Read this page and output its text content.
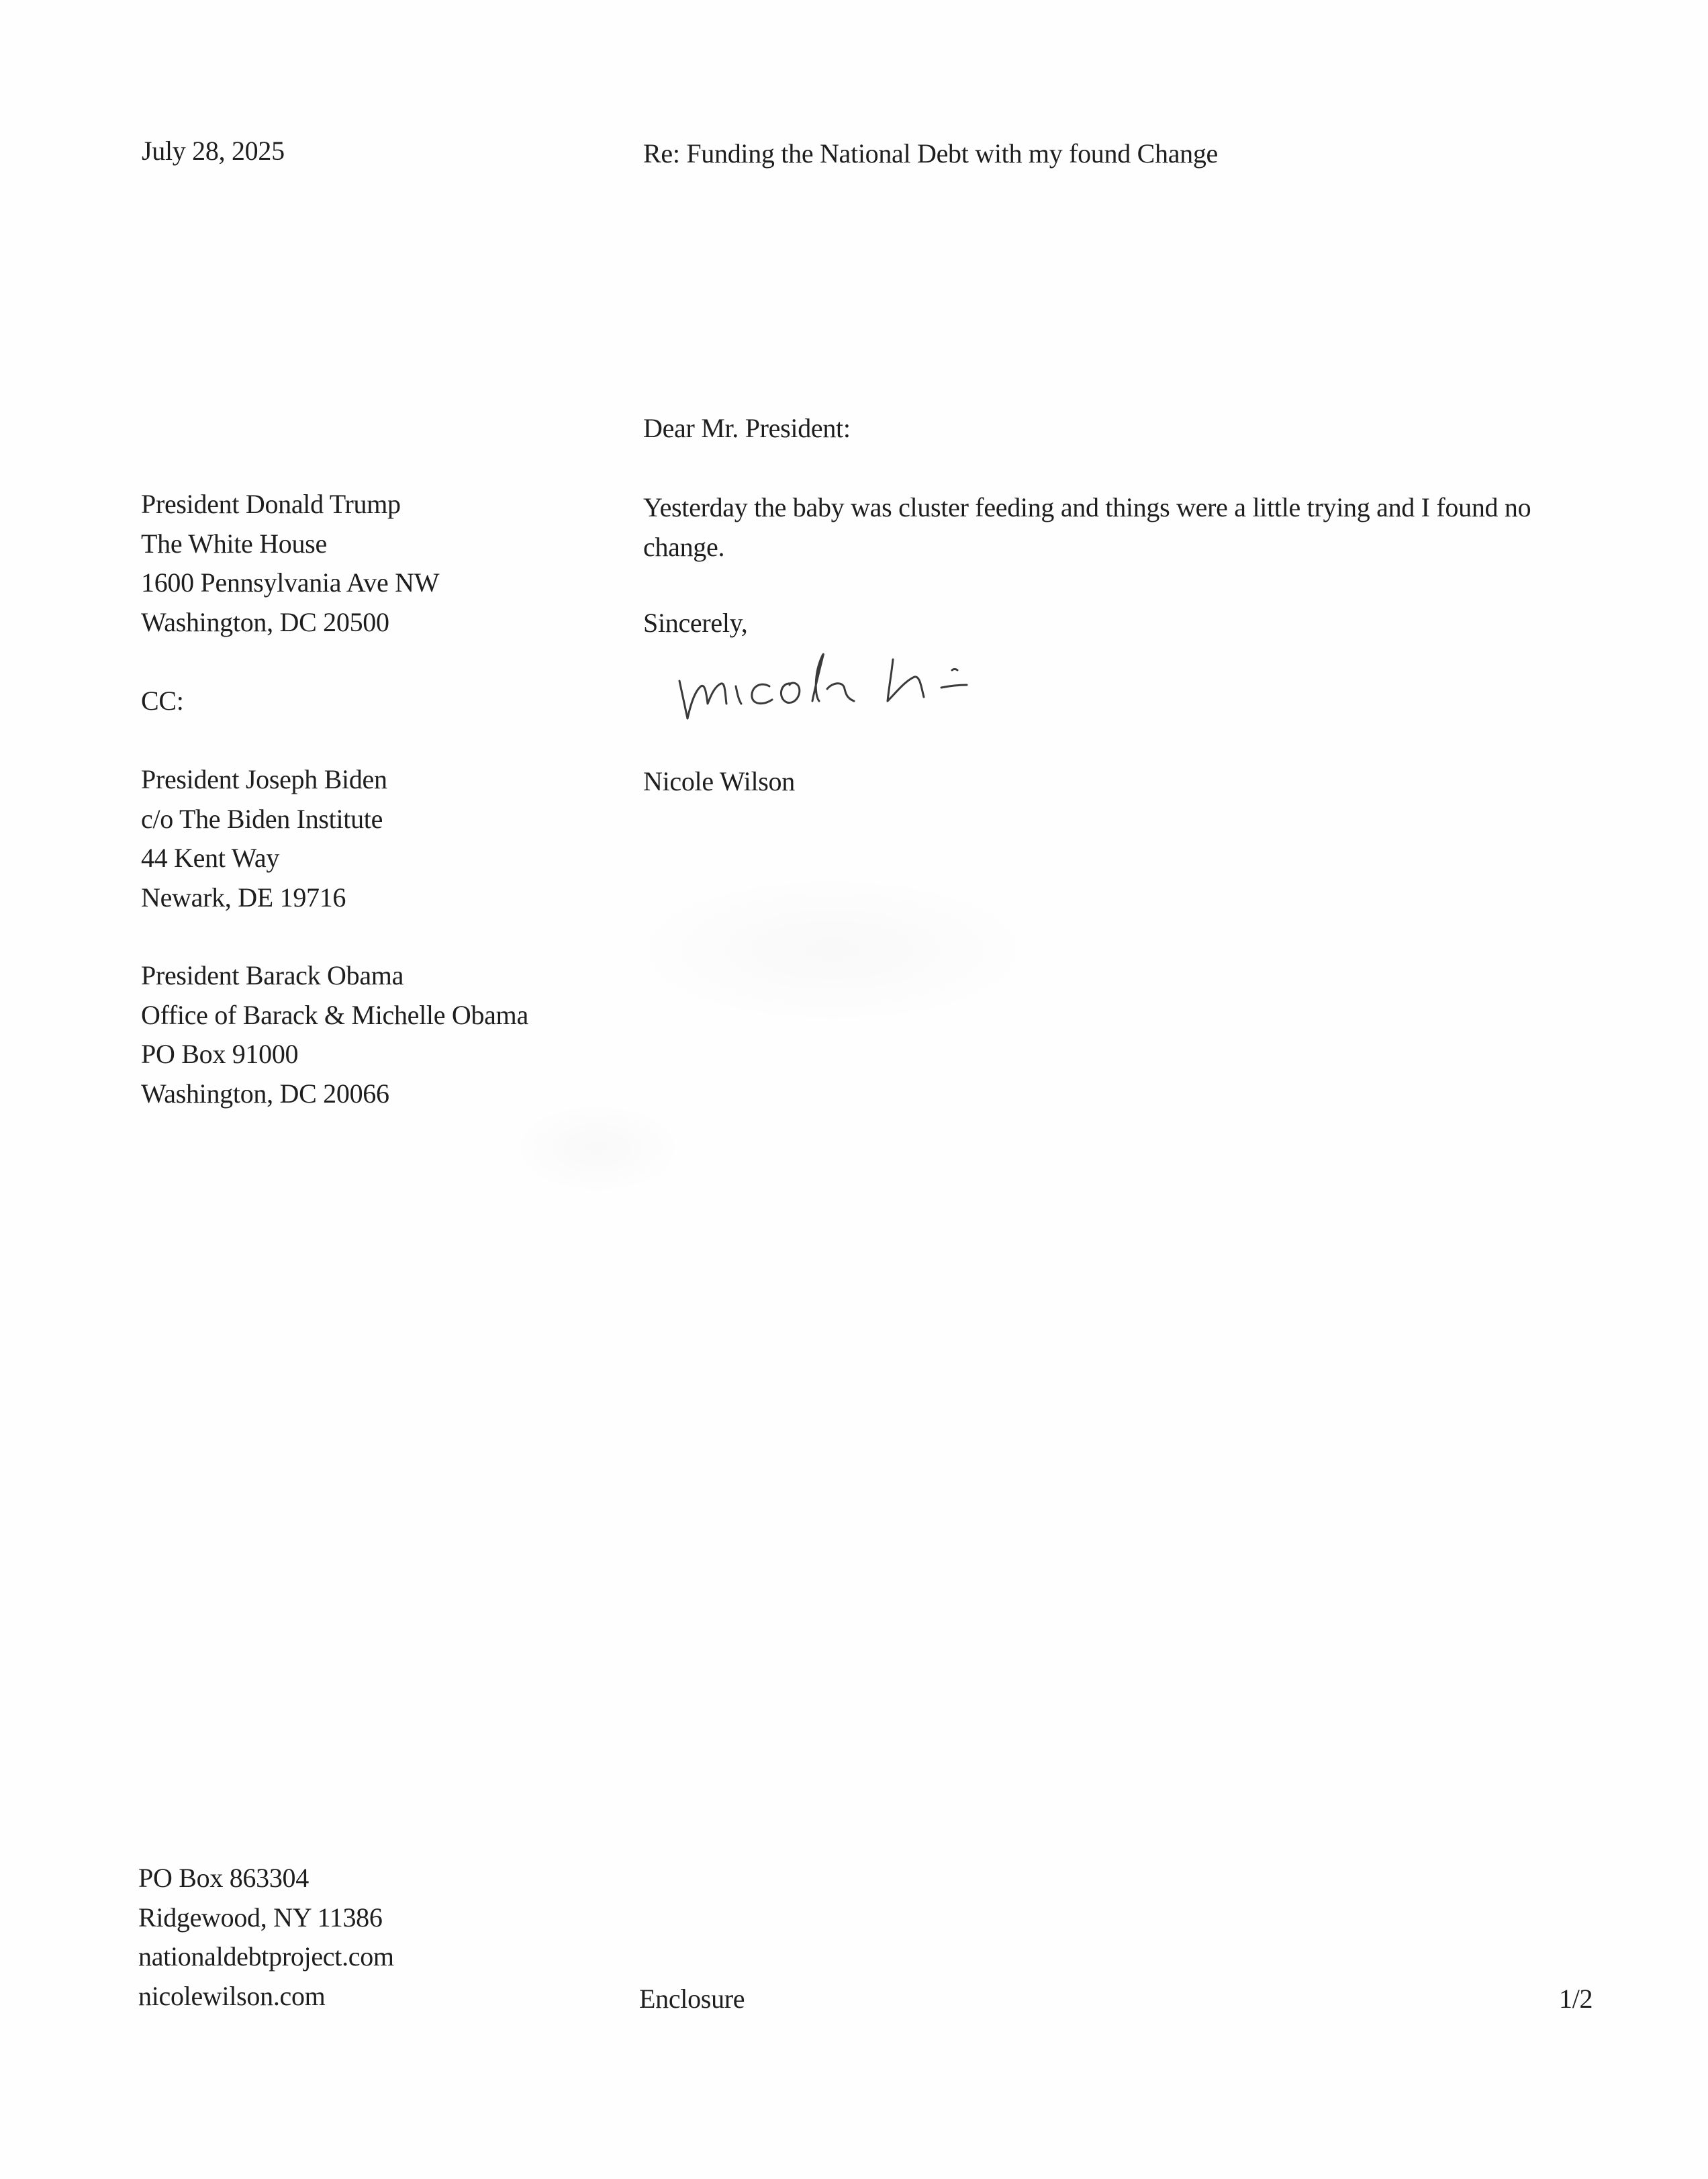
July 28, 2025	Re: Funding the National Debt with my found Change
Dear Mr. President:
President Donald Trump
The White House
1600 Pennsylvania Ave NW
Washington, DC 20500
CC:
President Joseph Biden
c/o The Biden Institute
44 Kent Way
Newark, DE 19716
President Barack Obama
Office of Barack & Michelle Obama
PO Box 91000
Washington, DC 20066
Yesterday the baby was cluster feeding and things were a little trying and I found no change.
Sincerely,
Nicole Wilson
PO Box 863304
Ridgewood, NY 11386
nationaldebtproject.com
nicolewilson.com	Enclosure	1/2
